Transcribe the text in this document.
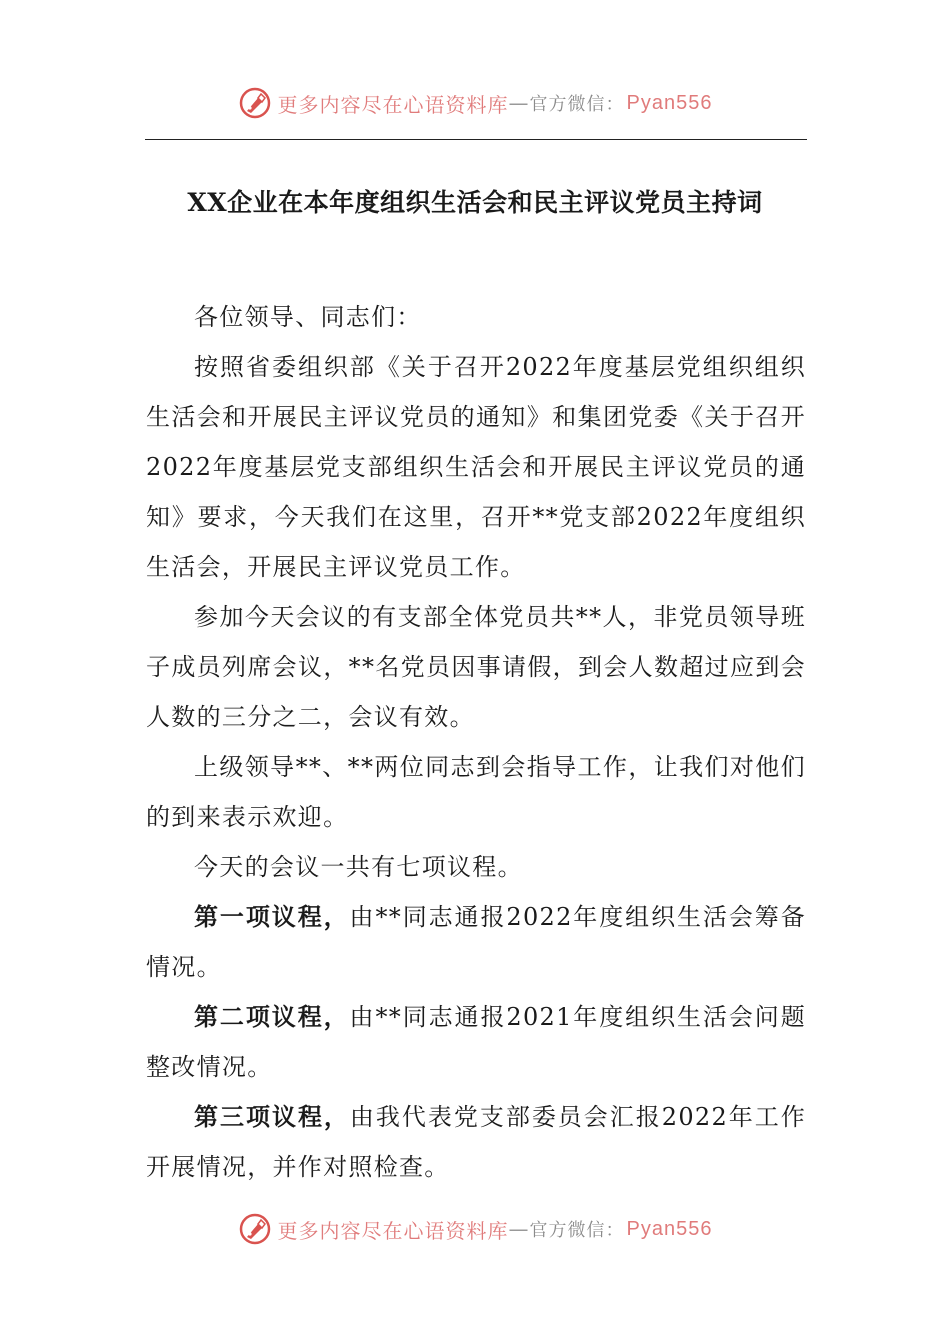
更多内容尽在心语资料库 — 官方微信： Pyan556
XX企业在本年度组织生活会和民主评议党员主持词

各位领导、同志们：

按照省委组织部《关于召开2022年度基层党组织组织生活会和开展民主评议党员的通知》和集团党委《关于召开2022年度基层党支部组织生活会和开展民主评议党员的通知》要求，今天我们在这里，召开**党支部2022年度组织生活会，开展民主评议党员工作。

参加今天会议的有支部全体党员共**人，非党员领导班子成员列席会议，**名党员因事请假，到会人数超过应到会人数的三分之二，会议有效。

上级领导**、**两位同志到会指导工作，让我们对他们的到来表示欢迎。

今天的会议一共有七项议程。

第一项议程，由**同志通报2022年度组织生活会筹备情况。

第二项议程，由**同志通报2021年度组织生活会问题整改情况。

第三项议程，由我代表党支部委员会汇报2022年工作开展情况，并作对照检查。

更多内容尽在心语资料库 — 官方微信： Pyan556
